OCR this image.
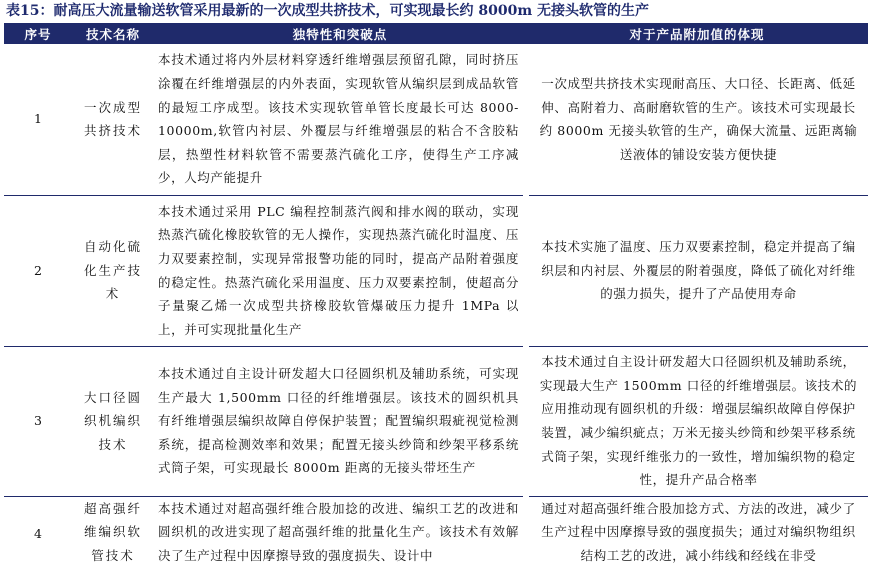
表15：耐高压大流量输送软管采用最新的一次成型共挤技术，可实现最长约 8000m 无接头软管的生产
序号	技术名称	独特性和突破点	对于产品附加值的体现
1	一次成型共挤技术	本技术通过将内外层材料穿透纤维增强层预留孔隙，同时挤压涂覆在纤维增强层的内外表面，实现软管从编织层到成品软管的最短工序成型。该技术实现软管单管长度最长可达 8000-10000m,软管内衬层、外覆层与纤维增强层的粘合不含胶粘层，热塑性材料软管不需要蒸汽硫化工序，使得生产工序减少，人均产能提升	一次成型共挤技术实现耐高压、大口径、长距离、低延伸、高附着力、高耐磨软管的生产。该技术可实现最长约 8000m 无接头软管的生产，确保大流量、远距离输送液体的铺设安装方便快捷
2	自动化硫化生产技术	本技术通过采用 PLC 编程控制蒸汽阀和排水阀的联动，实现热蒸汽硫化橡胶软管的无人操作，实现热蒸汽硫化时温度、压力双要素控制，实现异常报警功能的同时，提高产品附着强度的稳定性。热蒸汽硫化采用温度、压力双要素控制，使超高分子量聚乙烯一次成型共挤橡胶软管爆破压力提升 1MPa 以上，并可实现批量化生产	本技术实施了温度、压力双要素控制，稳定并提高了编织层和内衬层、外覆层的附着强度，降低了硫化对纤维的强力损失，提升了产品使用寿命
3	大口径圆织机编织技术	本技术通过自主设计研发超大口径圆织机及辅助系统，可实现生产最大 1,500mm 口径的纤维增强层。该技术的圆织机具有纤维增强层编织故障自停保护装置；配置编织瑕疵视觉检测系统，提高检测效率和效果；配置无接头纱筒和纱架平移系统式筒子架，可实现最长 8000m 距离的无接头带坯生产	本技术通过自主设计研发超大口径圆织机及辅助系统，实现最大生产 1500mm 口径的纤维增强层。该技术的应用推动现有圆织机的升级：增强层编织故障自停保护装置，减少编织疵点；万米无接头纱筒和纱架平移系统式筒子架，实现纤维张力的一致性，增加编织物的稳定性，提升产品合格率
4	超高强纤维编织软管技术	本技术通过对超高强纤维合股加捻的改进、编织工艺的改进和圆织机的改进实现了超高强纤维的批量化生产。该技术有效解决了生产过程中因摩擦导致的强度损失、设计中	通过对超高强纤维合股加捻方式、方法的改进，减少了生产过程中因摩擦导致的强度损失；通过对编织物组织结构工艺的改进，减小纬线和经线在非受
